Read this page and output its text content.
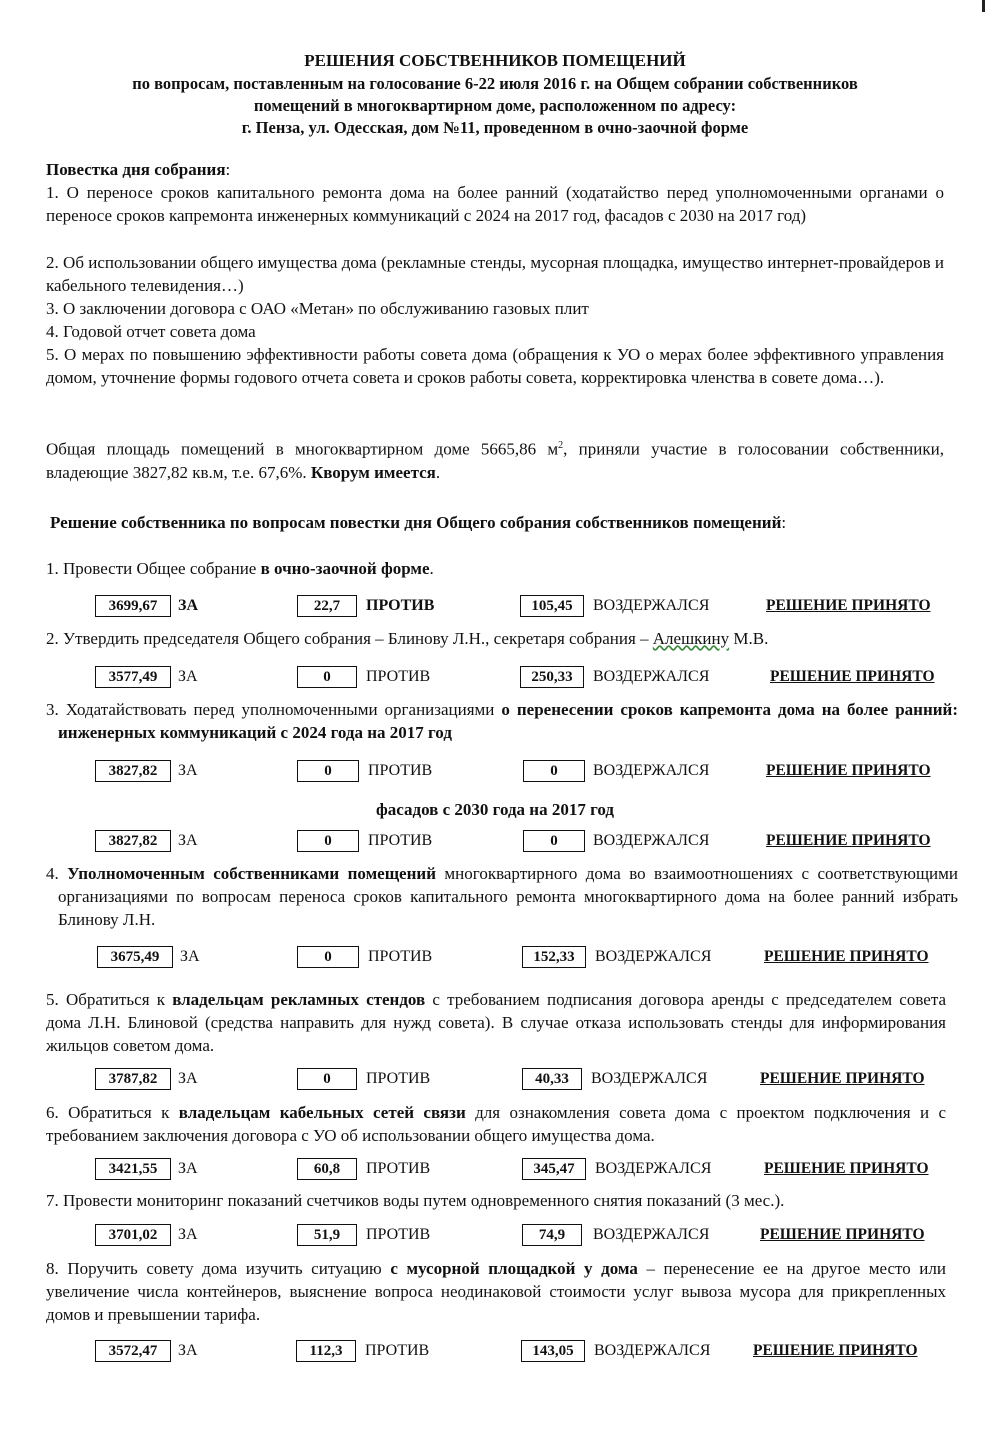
РЕШЕНИЯ СОБСТВЕННИКОВ ПОМЕЩЕНИЙ
по вопросам, поставленным на голосование 6-22 июля 2016 г. на Общем собрании собственников
помещений в многоквартирном доме, расположенном по адресу:
г. Пенза, ул. Одесская, дом №11, проведенном в очно-заочной форме
Повестка дня собрания:
1. О переносе сроков капитального ремонта дома на более ранний (ходатайство перед уполномоченными органами о переносе сроков капремонта инженерных коммуникаций с 2024 на 2017 год, фасадов с 2030 на 2017 год)
2. Об использовании общего имущества дома (рекламные стенды, мусорная площадка, имущество интернет-провайдеров и кабельного телевидения…)
3. О заключении договора с ОАО «Метан» по обслуживанию газовых плит
4. Годовой отчет совета дома
5. О мерах по повышению эффективности работы совета дома (обращения к УО о мерах более эффективного управления домом, уточнение формы годового отчета совета и сроков работы совета, корректировка членства в совете дома…).
Общая площадь помещений в многоквартирном доме 5665,86 $м^2$, приняли участие в голосовании собственники, владеющие 3827,82 кв.м, т.е. 67,6%. Кворум имеется.
Решение собственника по вопросам повестки дня Общего собрания собственников помещений:
1. Провести Общее собрание в очно-заочной форме.
3699,67	ЗА	22,7	ПРОТИВ	105,45	ВОЗДЕРЖАЛСЯ	РЕШЕНИЕ ПРИНЯТО
2. Утвердить председателя Общего собрания – Блинову Л.Н., секретаря собрания – Алешкину М.В.
3577,49	ЗА	0	ПРОТИВ	250,33	ВОЗДЕРЖАЛСЯ	РЕШЕНИЕ ПРИНЯТО
3. Ходатайствовать перед уполномоченными организациями о перенесении сроков капремонта дома на более ранний: инженерных коммуникаций с 2024 года на 2017 год
3827,82	ЗА	0	ПРОТИВ	0	ВОЗДЕРЖАЛСЯ	РЕШЕНИЕ ПРИНЯТО
фасадов с 2030 года на 2017 год
3827,82	ЗА	0	ПРОТИВ	0	ВОЗДЕРЖАЛСЯ	РЕШЕНИЕ ПРИНЯТО
4. Уполномоченным собственниками помещений многоквартирного дома во взаимоотношениях с соответствующими организациями по вопросам переноса сроков капитального ремонта многоквартирного дома на более ранний избрать Блинову Л.Н.
3675,49	ЗА	0	ПРОТИВ	152,33	ВОЗДЕРЖАЛСЯ	РЕШЕНИЕ ПРИНЯТО
5. Обратиться к владельцам рекламных стендов с требованием подписания договора аренды с председателем совета дома Л.Н. Блиновой (средства направить для нужд совета). В случае отказа использовать стенды для информирования жильцов советом дома.
3787,82	ЗА	0	ПРОТИВ	40,33	ВОЗДЕРЖАЛСЯ	РЕШЕНИЕ ПРИНЯТО
6. Обратиться к владельцам кабельных сетей связи для ознакомления совета дома с проектом подключения и с требованием заключения договора с УО об использовании общего имущества дома.
3421,55	ЗА	60,8	ПРОТИВ	345,47	ВОЗДЕРЖАЛСЯ	РЕШЕНИЕ ПРИНЯТО
7. Провести мониторинг показаний счетчиков воды путем одновременного снятия показаний (3 мес.).
3701,02	ЗА	51,9	ПРОТИВ	74,9	ВОЗДЕРЖАЛСЯ	РЕШЕНИЕ ПРИНЯТО
8. Поручить совету дома изучить ситуацию с мусорной площадкой у дома – перенесение ее на другое место или увеличение числа контейнеров, выяснение вопроса неодинаковой стоимости услуг вывоза мусора для прикрепленных домов и превышении тарифа.
3572,47	ЗА	112,3	ПРОТИВ	143,05	ВОЗДЕРЖАЛСЯ	РЕШЕНИЕ ПРИНЯТО
